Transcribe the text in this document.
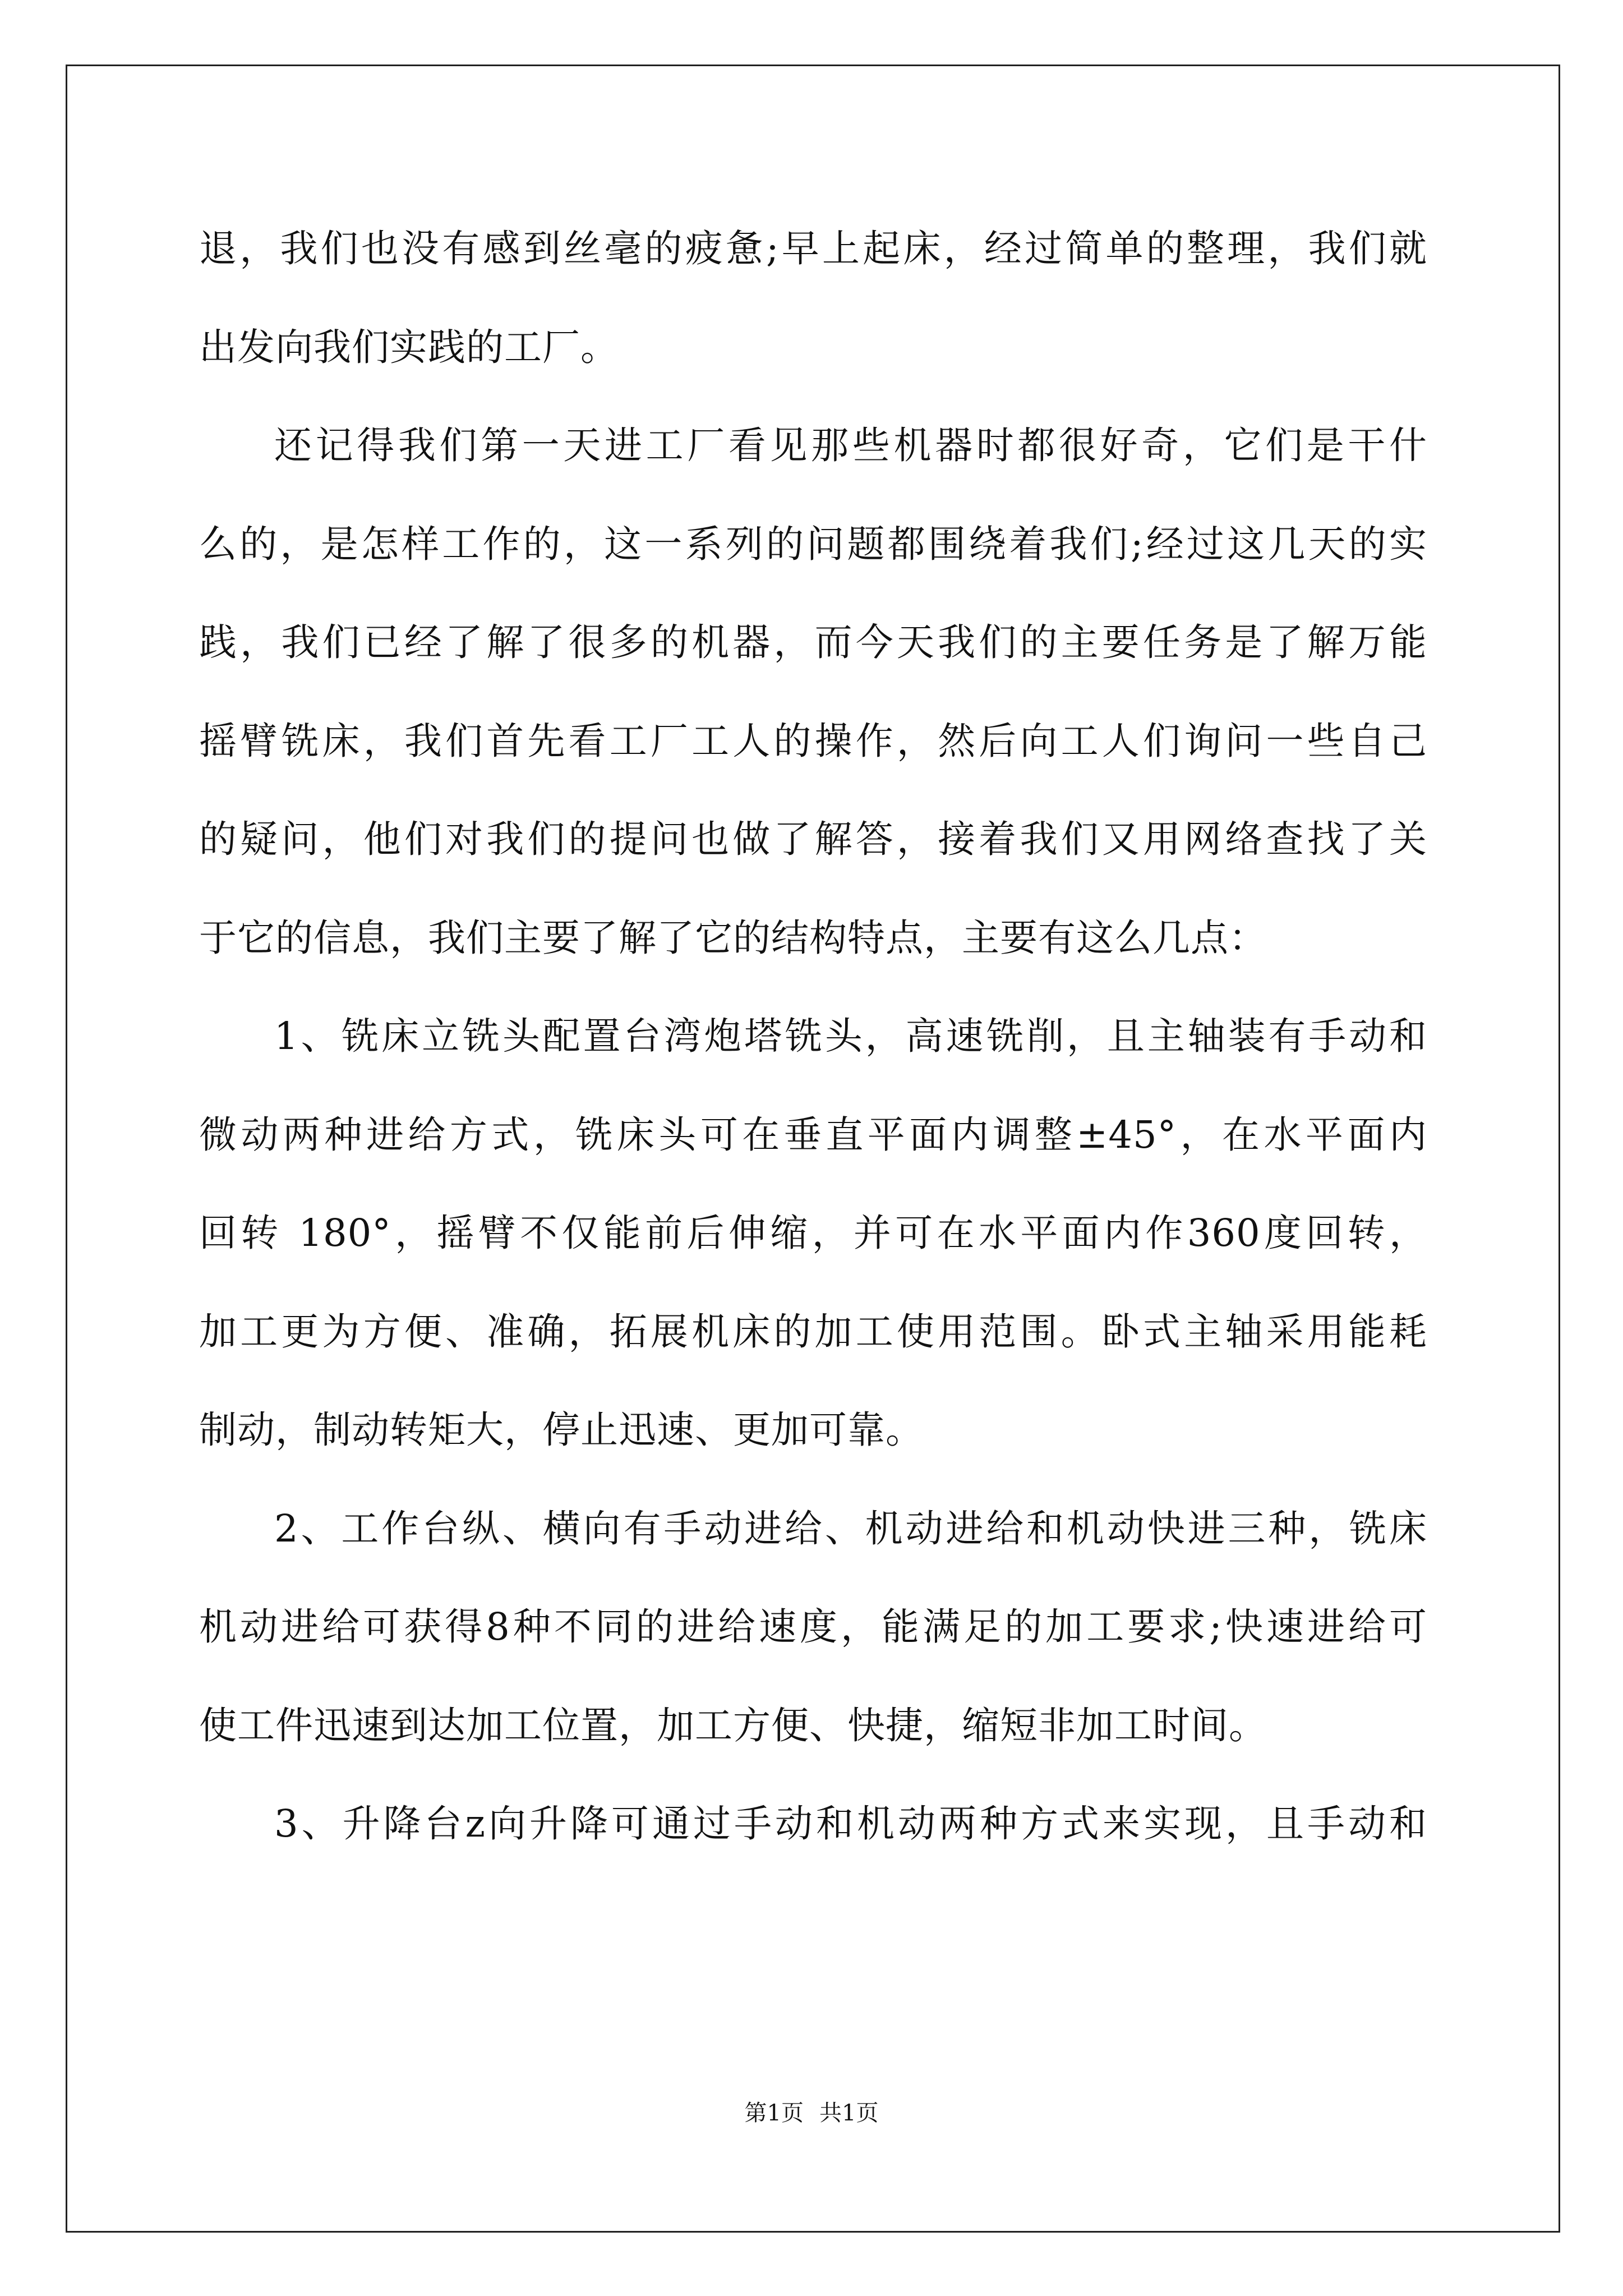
退，我们也没有感到丝毫的疲惫;早上起床，经过简单的整理，我们就
出发向我们实践的工厂。
还记得我们第一天进工厂看见那些机器时都很好奇，它们是干什
么的，是怎样工作的，这一系列的问题都围绕着我们;经过这几天的实
践，我们已经了解了很多的机器，而今天我们的主要任务是了解万能
摇臂铣床，我们首先看工厂工人的操作，然后向工人们询问一些自己
的疑问，他们对我们的提问也做了解答，接着我们又用网络查找了关
于它的信息，我们主要了解了它的结构特点，主要有这么几点：
1、铣床立铣头配置台湾炮塔铣头，高速铣削，且主轴装有手动和
微动两种进给方式，铣床头可在垂直平面内调整±45°，在水平面内
回转 180°，摇臂不仅能前后伸缩，并可在水平面内作360度回转，
加工更为方便、准确，拓展机床的加工使用范围。卧式主轴采用能耗
制动，制动转矩大，停止迅速、更加可靠。
2、工作台纵、横向有手动进给、机动进给和机动快进三种，铣床
机动进给可获得8种不同的进给速度，能满足的加工要求;快速进给可
使工件迅速到达加工位置，加工方便、快捷，缩短非加工时间。
3、升降台z向升降可通过手动和机动两种方式来实现，且手动和
第1页 共1页
